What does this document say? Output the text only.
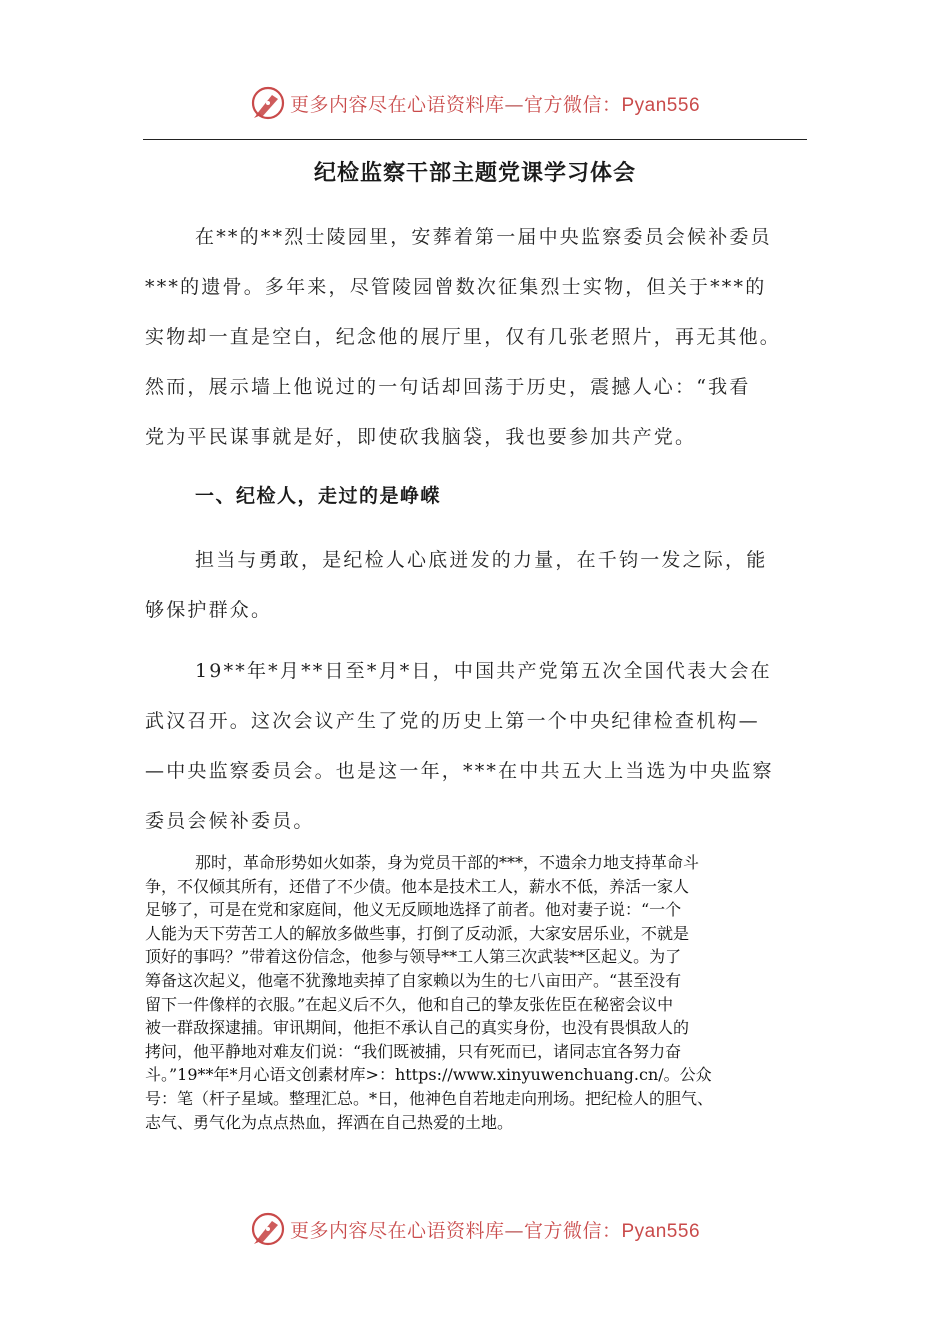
更多内容尽在心语资料库—官方微信：Pyan556
纪检监察干部主题党课学习体会
在**的**烈士陵园里，安葬着第一届中央监察委员会候补委员
***的遗骨。多年来，尽管陵园曾数次征集烈士实物，但关于***的
实物却一直是空白，纪念他的展厅里，仅有几张老照片，再无其他。
然而，展示墙上他说过的一句话却回荡于历史，震撼人心：“我看
党为平民谋事就是好，即使砍我脑袋，我也要参加共产党。
一、纪检人，走过的是峥嵘
担当与勇敢，是纪检人心底迸发的力量，在千钧一发之际，能
够保护群众。
19**年*月**日至*月*日，中国共产党第五次全国代表大会在
武汉召开。这次会议产生了党的历史上第一个中央纪律检查机构—
—中央监察委员会。也是这一年，***在中共五大上当选为中央监察
委员会候补委员。
那时，革命形势如火如荼，身为党员干部的***，不遗余力地支持革命斗
争，不仅倾其所有，还借了不少债。他本是技术工人，薪水不低，养活一家人
足够了，可是在党和家庭间，他义无反顾地选择了前者。他对妻子说：“一个
人能为天下劳苦工人的解放多做些事，打倒了反动派，大家安居乐业，不就是
顶好的事吗？”带着这份信念，他参与领导**工人第三次武装**区起义。为了
筹备这次起义，他毫不犹豫地卖掉了自家赖以为生的七八亩田产。“甚至没有
留下一件像样的衣服。”在起义后不久，他和自己的挚友张佐臣在秘密会议中
被一群敌探逮捕。审讯期间，他拒不承认自己的真实身份，也没有畏惧敌人的
拷问，他平静地对难友们说：“我们既被捕，只有死而已，诸同志宜各努力奋
斗。”19**年*月心语文创素材库>：https://www.xinyuwenchuang.cn/。公众
号：笔（杆子星域。整理汇总。*日，他神色自若地走向刑场。把纪检人的胆气、
志气、勇气化为点点热血，挥洒在自己热爱的土地。
更多内容尽在心语资料库—官方微信：Pyan556
